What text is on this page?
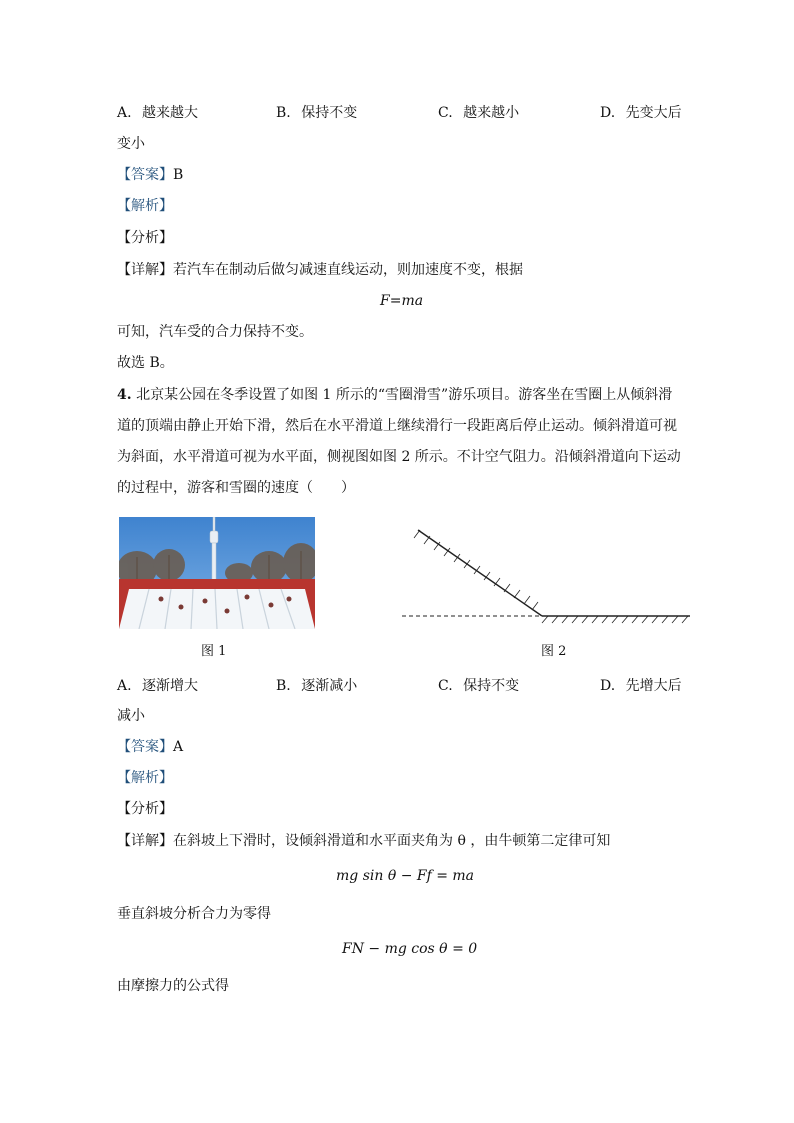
A. 越来越大	B. 保持不变	C. 越来越小	D. 先变大后
变小
【答案】B
【解析】
【分析】
【详解】若汽车在制动后做匀减速直线运动，则加速度不变，根据
F=ma
可知，汽车受的合力保持不变。
故选 B。
4. 北京某公园在冬季设置了如图 1 所示的“雪圈滑雪”游乐项目。游客坐在雪圈上从倾斜滑
道的顶端由静止开始下滑，然后在水平滑道上继续滑行一段距离后停止运动。倾斜滑道可视
为斜面，水平滑道可视为水平面，侧视图如图 2 所示。不计空气阻力。沿倾斜滑道向下运动
的过程中，游客和雪圈的速度（　　）
图 1	图 2
A. 逐渐增大	B. 逐渐减小	C. 保持不变	D. 先增大后
减小
【答案】A
【解析】
【分析】
【详解】在斜坡上下滑时，设倾斜滑道和水平面夹角为 θ ，由牛顿第二定律可知
mg sin θ − Ff = ma
垂直斜坡分析合力为零得
FN − mg cos θ = 0
由摩擦力的公式得
